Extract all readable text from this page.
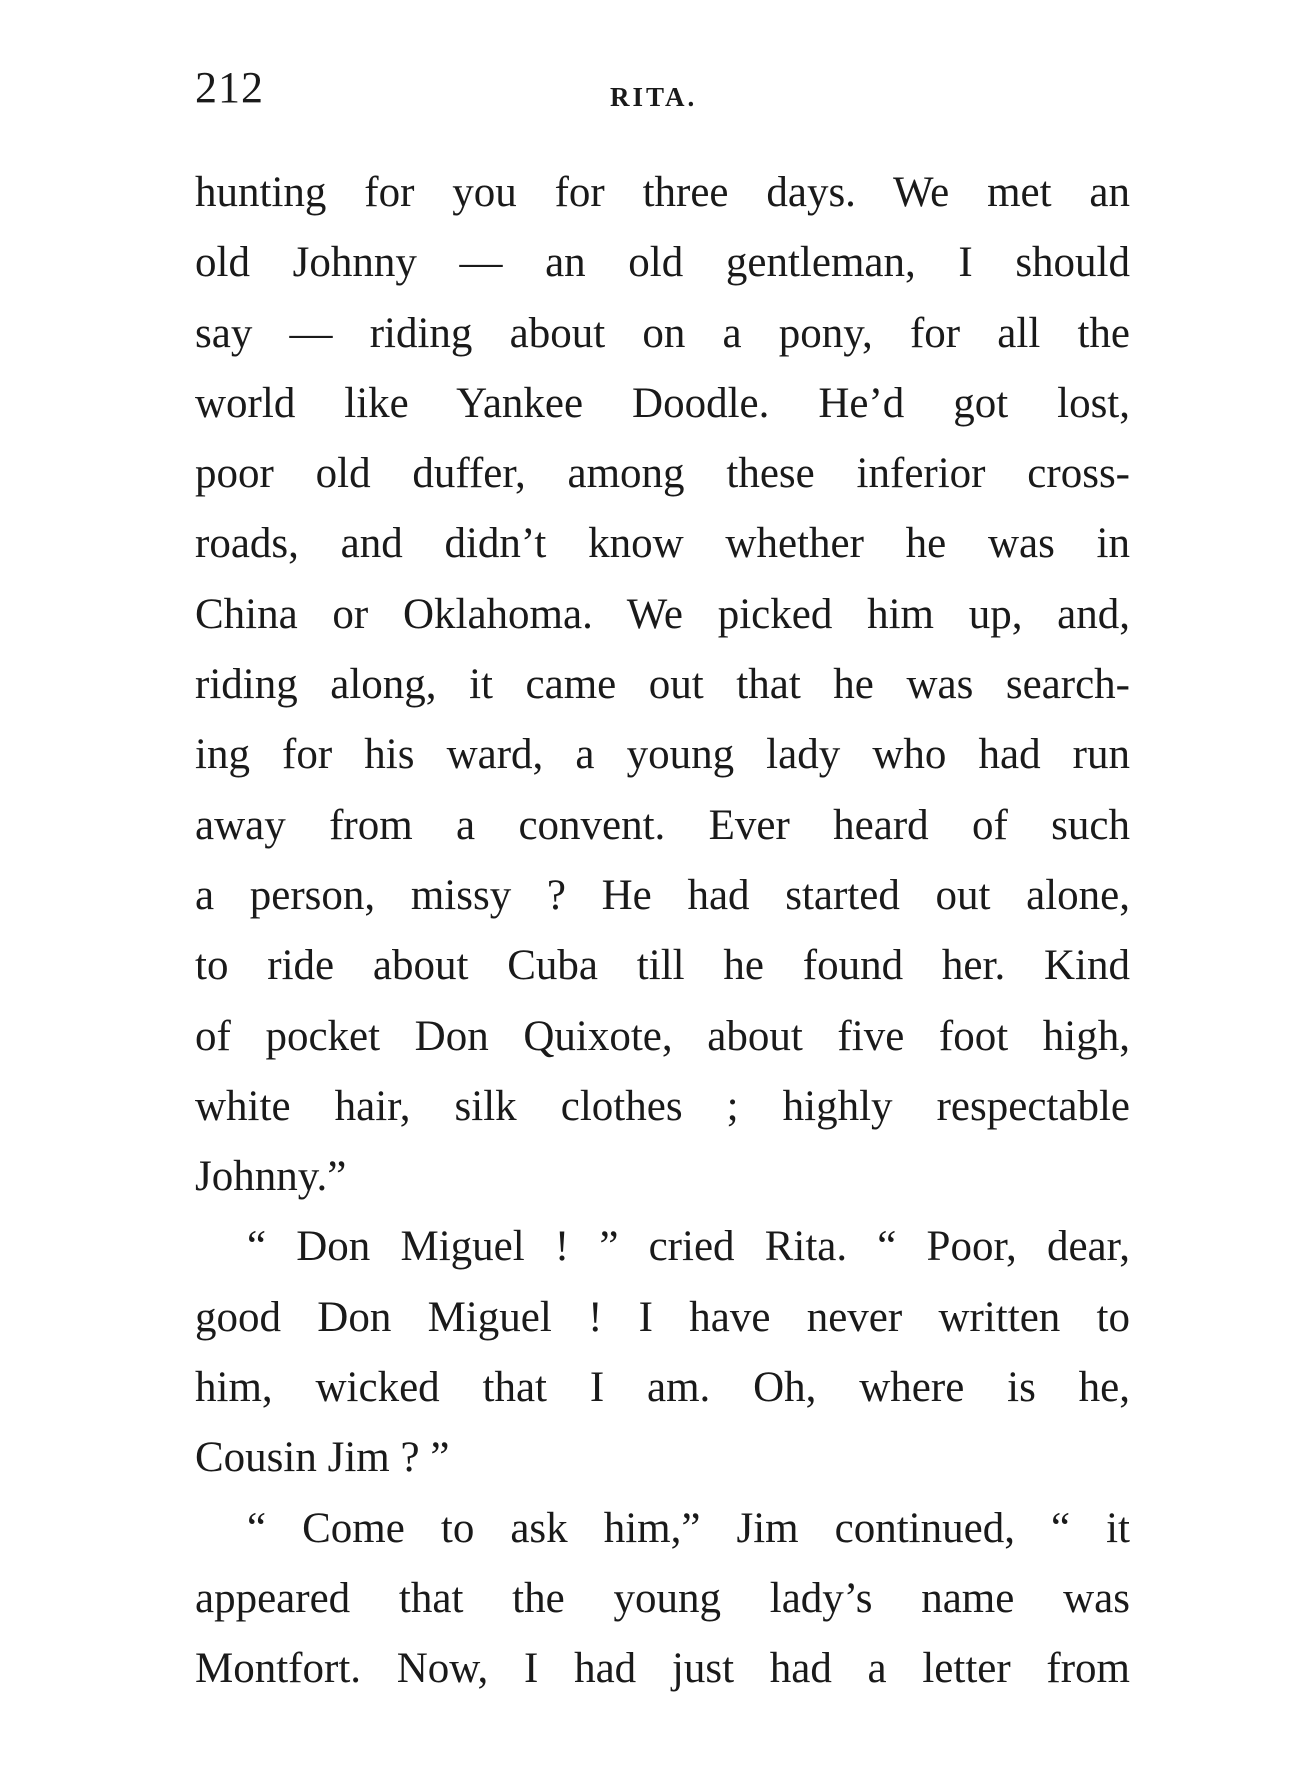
212	RITA.
hunting for you for three days. We met an
old Johnny — an old gentleman, I should
say — riding about on a pony, for all the
world like Yankee Doodle. He’d got lost,
poor old duffer, among these inferior cross-
roads, and didn’t know whether he was in
China or Oklahoma. We picked him up, and,
riding along, it came out that he was search-
ing for his ward, a young lady who had run
away from a convent. Ever heard of such
a person, missy ? He had started out alone,
to ride about Cuba till he found her. Kind
of pocket Don Quixote, about five foot high,
white hair, silk clothes ; highly respectable
Johnny.”
“ Don Miguel ! ” cried Rita. “ Poor, dear,
good Don Miguel ! I have never written to
him, wicked that I am. Oh, where is he,
Cousin Jim ? ”
“ Come to ask him,” Jim continued, “ it
appeared that the young lady’s name was
Montfort. Now, I had just had a letter from
